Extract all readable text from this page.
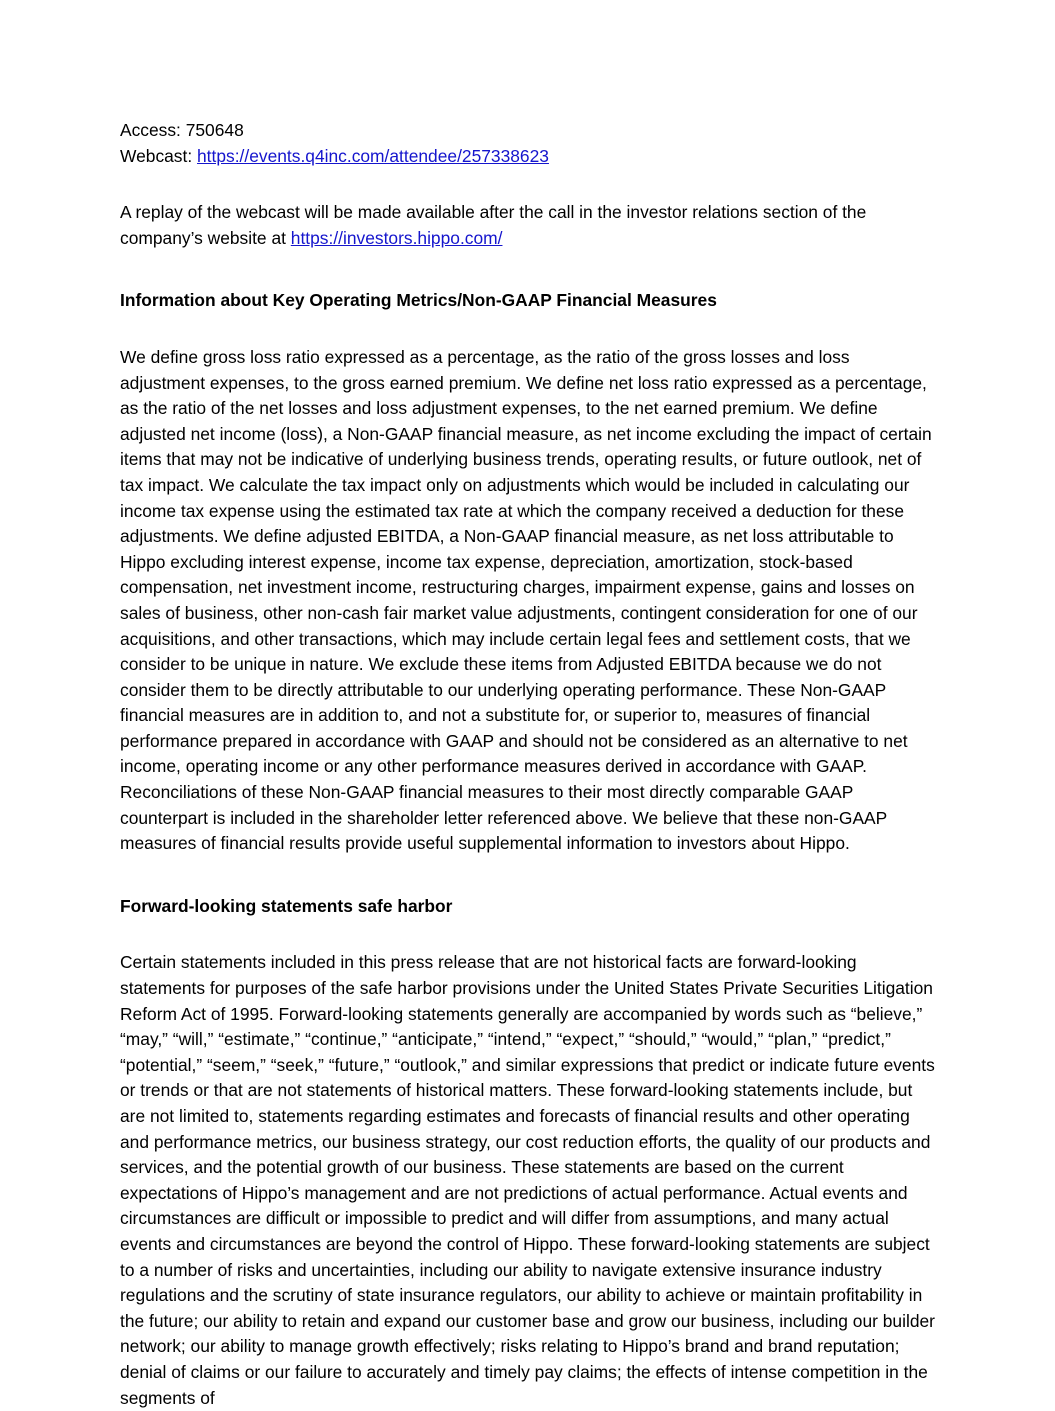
Access: 750648
Webcast: https://events.q4inc.com/attendee/257338623
A replay of the webcast will be made available after the call in the investor relations section of the company’s website at https://investors.hippo.com/
Information about Key Operating Metrics/Non-GAAP Financial Measures
We define gross loss ratio expressed as a percentage, as the ratio of the gross losses and loss adjustment expenses, to the gross earned premium. We define net loss ratio expressed as a percentage, as the ratio of the net losses and loss adjustment expenses, to the net earned premium. We define adjusted net income (loss), a Non-GAAP financial measure, as net income excluding the impact of certain items that may not be indicative of underlying business trends, operating results, or future outlook, net of tax impact. We calculate the tax impact only on adjustments which would be included in calculating our income tax expense using the estimated tax rate at which the company received a deduction for these adjustments. We define adjusted EBITDA, a Non-GAAP financial measure, as net loss attributable to Hippo excluding interest expense, income tax expense, depreciation, amortization, stock-based compensation, net investment income, restructuring charges, impairment expense, gains and losses on sales of business, other non-cash fair market value adjustments, contingent consideration for one of our acquisitions, and other transactions, which may include certain legal fees and settlement costs, that we consider to be unique in nature. We exclude these items from Adjusted EBITDA because we do not consider them to be directly attributable to our underlying operating performance. These Non-GAAP financial measures are in addition to, and not a substitute for, or superior to, measures of financial performance prepared in accordance with GAAP and should not be considered as an alternative to net income, operating income or any other performance measures derived in accordance with GAAP. Reconciliations of these Non-GAAP financial measures to their most directly comparable GAAP counterpart is included in the shareholder letter referenced above. We believe that these non-GAAP measures of financial results provide useful supplemental information to investors about Hippo.
Forward-looking statements safe harbor
Certain statements included in this press release that are not historical facts are forward-looking statements for purposes of the safe harbor provisions under the United States Private Securities Litigation Reform Act of 1995. Forward-looking statements generally are accompanied by words such as “believe,” “may,” “will,” “estimate,” “continue,” “anticipate,” “intend,” “expect,” “should,” “would,” “plan,” “predict,” “potential,” “seem,” “seek,” “future,” “outlook,” and similar expressions that predict or indicate future events or trends or that are not statements of historical matters. These forward-looking statements include, but are not limited to, statements regarding estimates and forecasts of financial results and other operating and performance metrics, our business strategy, our cost reduction efforts, the quality of our products and services, and the potential growth of our business. These statements are based on the current expectations of Hippo’s management and are not predictions of actual performance. Actual events and circumstances are difficult or impossible to predict and will differ from assumptions, and many actual events and circumstances are beyond the control of Hippo. These forward-looking statements are subject to a number of risks and uncertainties, including our ability to navigate extensive insurance industry regulations and the scrutiny of state insurance regulators, our ability to achieve or maintain profitability in the future; our ability to retain and expand our customer base and grow our business, including our builder network; our ability to manage growth effectively; risks relating to Hippo’s brand and brand reputation; denial of claims or our failure to accurately and timely pay claims; the effects of intense competition in the segments of
